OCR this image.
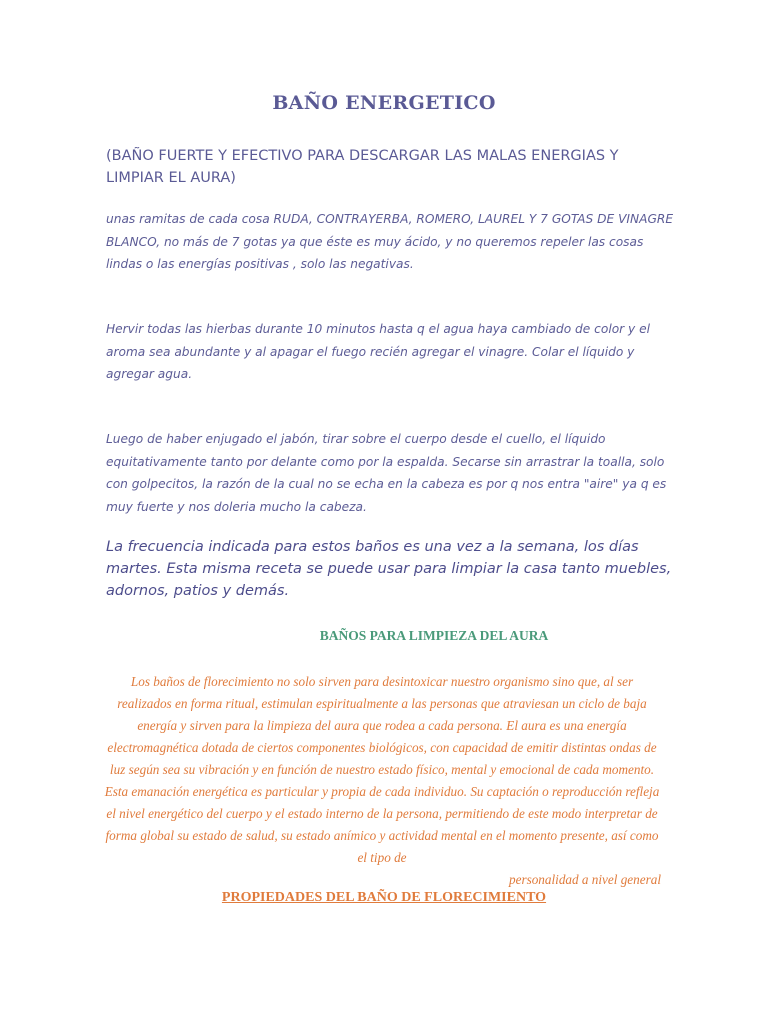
BAÑO ENERGETICO
(BAÑO FUERTE Y EFECTIVO PARA DESCARGAR LAS MALAS ENERGIAS Y LIMPIAR EL AURA)
unas ramitas de cada cosa RUDA, CONTRAYERBA, ROMERO, LAUREL Y 7 GOTAS DE VINAGRE BLANCO, no más de 7 gotas ya que éste es muy ácido, y no queremos repeler las cosas lindas o las energías positivas , solo las negativas.
Hervir todas las hierbas durante 10 minutos hasta q el agua haya cambiado de color y el aroma sea abundante y al apagar el fuego recién agregar el vinagre. Colar el líquido y agregar agua.
Luego de haber enjugado el jabón, tirar sobre el cuerpo desde el cuello, el líquido equitativamente tanto por delante como por la espalda. Secarse sin arrastrar la toalla, solo con golpecitos, la razón de la cual no se echa en la cabeza es por q nos entra "aire" ya q es muy fuerte y nos doleria mucho la cabeza.
La frecuencia indicada para estos baños es una vez a la semana, los días martes. Esta misma receta se puede usar para limpiar la casa tanto muebles, adornos, patios y demás.
BAÑOS PARA LIMPIEZA DEL AURA
Los baños de florecimiento no solo sirven para desintoxicar nuestro organismo sino que, al ser realizados en forma ritual, estimulan espiritualmente a las personas que atraviesan un ciclo de baja energía y sirven para la limpieza del aura que rodea a cada persona. El aura es una energía electromagnética dotada de ciertos componentes biológicos, con capacidad de emitir distintas ondas de luz según sea su vibración y en función de nuestro estado físico, mental y emocional de cada momento. Esta emanación energética es particular y propia de cada individuo. Su captación o reproducción refleja el nivel energético del cuerpo y el estado interno de la persona, permitiendo de este modo interpretar de forma global su estado de salud, su estado anímico y actividad mental en el momento presente, así como el tipo de
personalidad a nivel general
PROPIEDADES DEL BAÑO DE FLORECIMIENTO
